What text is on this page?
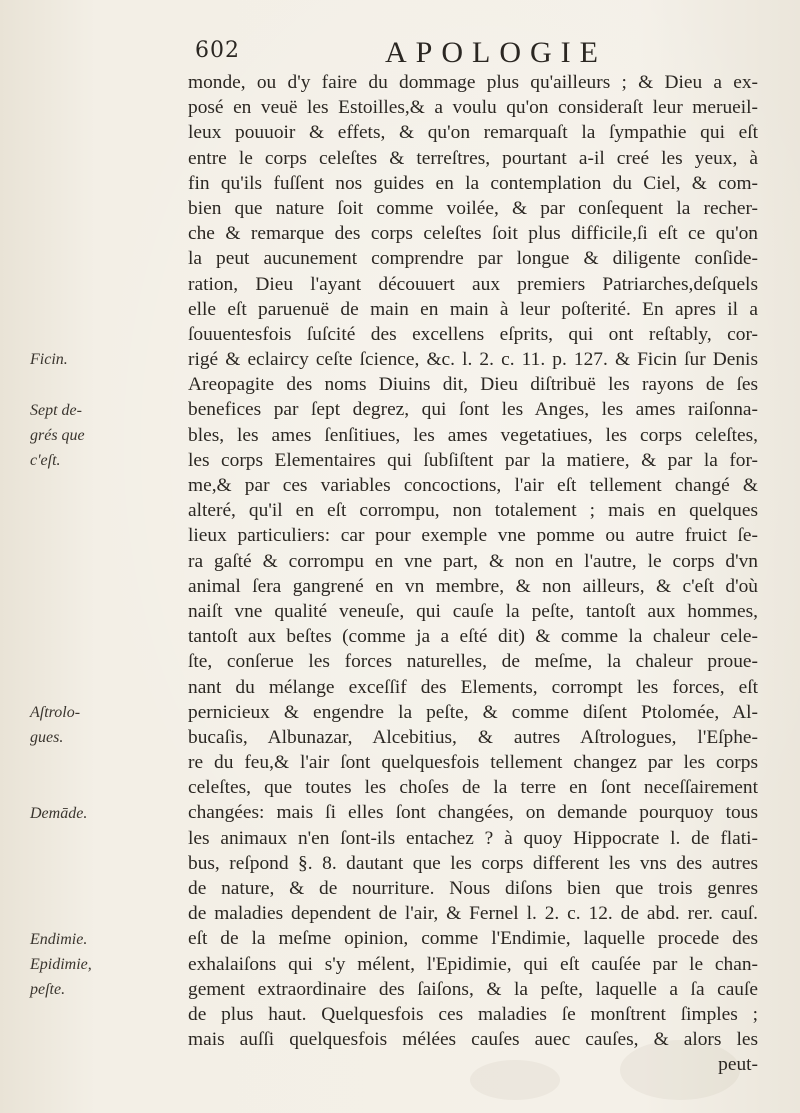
602	APOLOGIE
monde, ou d'y faire du dommage plus qu'ailleurs ; & Dieu a ex-
posé en veuë les Estoilles,& a voulu qu'on consideraſt leur merueil-
leux pouuoir & effets, & qu'on remarquaſt la ſympathie qui eſt
entre le corps celeſtes & terreſtres, pourtant a-il creé les yeux, à
fin qu'ils fuſſent nos guides en la contemplation du Ciel, & com-
bien que nature ſoit comme voilée, & par conſequent la recher-
che & remarque des corps celeſtes ſoit plus difficile,ſi eſt ce qu'on
la peut aucunement comprendre par longue & diligente conſide-
ration, Dieu l'ayant découuert aux premiers Patriarches,deſquels
elle eſt paruenuë de main en main à leur poſterité. En apres il a
ſouuentesfois ſuſcité des excellens eſprits, qui ont reſtably, cor-
rigé & eclaircy ceſte ſcience, &c. l. 2. c. 11. p. 127. & Ficin ſur Denis
Areopagite des noms Diuins dit, Dieu diſtribuë les rayons de ſes
benefices par ſept degrez, qui ſont les Anges, les ames raiſonna-
bles, les ames ſenſitiues, les ames vegetatiues, les corps celeſtes,
les corps Elementaires qui ſubſiſtent par la matiere, & par la for-
me,& par ces variables concoctions, l'air eſt tellement changé &
alteré, qu'il en eſt corrompu, non totalement ; mais en quelques
lieux particuliers: car pour exemple vne pomme ou autre fruict ſe-
ra gaſté & corrompu en vne part, & non en l'autre, le corps d'vn
animal ſera gangrené en vn membre, & non ailleurs, & c'eſt d'où
naiſt vne qualité veneuſe, qui cauſe la peſte, tantoſt aux hommes,
tantoſt aux beſtes (comme ja a eſté dit) & comme la chaleur cele-
ſte, conſerue les forces naturelles, de meſme, la chaleur proue-
nant du mélange exceſſif des Elements, corrompt les forces, eſt
pernicieux & engendre la peſte, & comme diſent Ptolomée, Al-
bucaſis, Albunazar, Alcebitius, & autres Aſtrologues, l'Eſphe-
re du feu,& l'air ſont quelquesfois tellement changez par les corps
celeſtes, que toutes les choſes de la terre en ſont neceſſairement
changées: mais ſi elles ſont changées, on demande pourquoy tous
les animaux n'en ſont-ils entachez ? à quoy Hippocrate l. de flati-
bus, reſpond §. 8. dautant que les corps different les vns des autres
de nature, & de nourriture. Nous diſons bien que trois genres
de maladies dependent de l'air, & Fernel l. 2. c. 12. de abd. rer. cauſ.
eſt de la meſme opinion, comme l'Endimie, laquelle procede des
exhalaiſons qui s'y mélent, l'Epidimie, qui eſt cauſée par le chan-
gement extraordinaire des ſaiſons, & la peſte, laquelle a ſa cauſe
de plus haut. Quelquesfois ces maladies ſe monſtrent ſimples ;
mais auſſi quelquesfois mélées cauſes auec cauſes, & alors les
peut-
Ficin.
Sept de-
grés que
c'eſt.
Aſtrolo-
gues.
Demāde.
Endimie.
Epidimie,
peſte.
